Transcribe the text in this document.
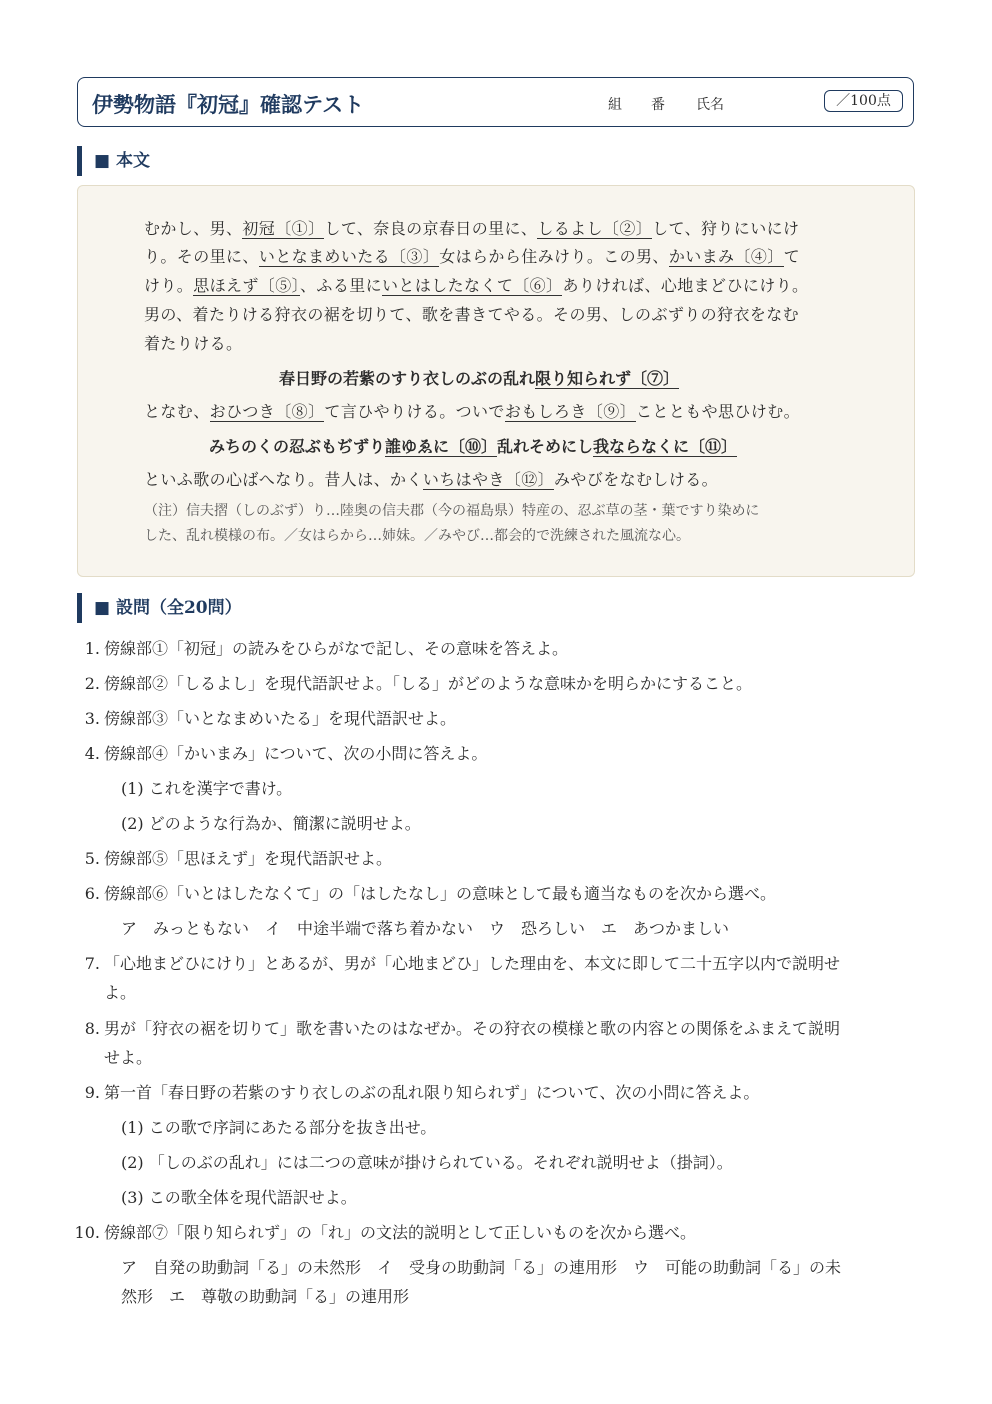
伊勢物語『初冠』確認テスト	組 番 氏名	／100点
■ 本文
むかし、男、初冠〔①〕して、奈良の京春日の里に、しるよし〔②〕して、狩りにいにけ
り。その里に、いとなまめいたる〔③〕女はらから住みけり。この男、かいまみ〔④〕て
けり。思ほえず〔⑤〕、ふる里にいとはしたなくて〔⑥〕ありければ、心地まどひにけり。
男の、着たりける狩衣の裾を切りて、歌を書きてやる。その男、しのぶずりの狩衣をなむ
着たりける。
春日野の若紫のすり衣しのぶの乱れ限り知られず〔⑦〕
となむ、おひつき〔⑧〕て言ひやりける。ついでおもしろき〔⑨〕ことともや思ひけむ。
みちのくの忍ぶもぢずり誰ゆゑに〔⑩〕乱れそめにし我ならなくに〔⑪〕
といふ歌の心ばへなり。昔人は、かくいちはやき〔⑫〕みやびをなむしける。
（注）信夫摺（しのぶず）り…陸奥の信夫郡（今の福島県）特産の、忍ぶ草の茎・葉ですり染めに
した、乱れ模様の布。／女はらから…姉妹。／みやび…都会的で洗練された風流な心。
■ 設問（全20問）
1. 傍線部①「初冠」の読みをひらがなで記し、その意味を答えよ。
2. 傍線部②「しるよし」を現代語訳せよ。「しる」がどのような意味かを明らかにすること。
3. 傍線部③「いとなまめいたる」を現代語訳せよ。
4. 傍線部④「かいまみ」について、次の小問に答えよ。
(1) これを漢字で書け。
(2) どのような行為か、簡潔に説明せよ。
5. 傍線部⑤「思ほえず」を現代語訳せよ。
6. 傍線部⑥「いとはしたなくて」の「はしたなし」の意味として最も適当なものを次から選べ。
ア　みっともない　イ　中途半端で落ち着かない　ウ　恐ろしい　エ　あつかましい
7. 「心地まどひにけり」とあるが、男が「心地まどひ」した理由を、本文に即して二十五字以内で説明せ
よ。
8. 男が「狩衣の裾を切りて」歌を書いたのはなぜか。その狩衣の模様と歌の内容との関係をふまえて説明
せよ。
9. 第一首「春日野の若紫のすり衣しのぶの乱れ限り知られず」について、次の小問に答えよ。
(1) この歌で序詞にあたる部分を抜き出せ。
(2) 「しのぶの乱れ」には二つの意味が掛けられている。それぞれ説明せよ（掛詞）。
(3) この歌全体を現代語訳せよ。
10. 傍線部⑦「限り知られず」の「れ」の文法的説明として正しいものを次から選べ。
ア　自発の助動詞「る」の未然形　イ　受身の助動詞「る」の連用形　ウ　可能の助動詞「る」の未
然形　エ　尊敬の助動詞「る」の連用形
